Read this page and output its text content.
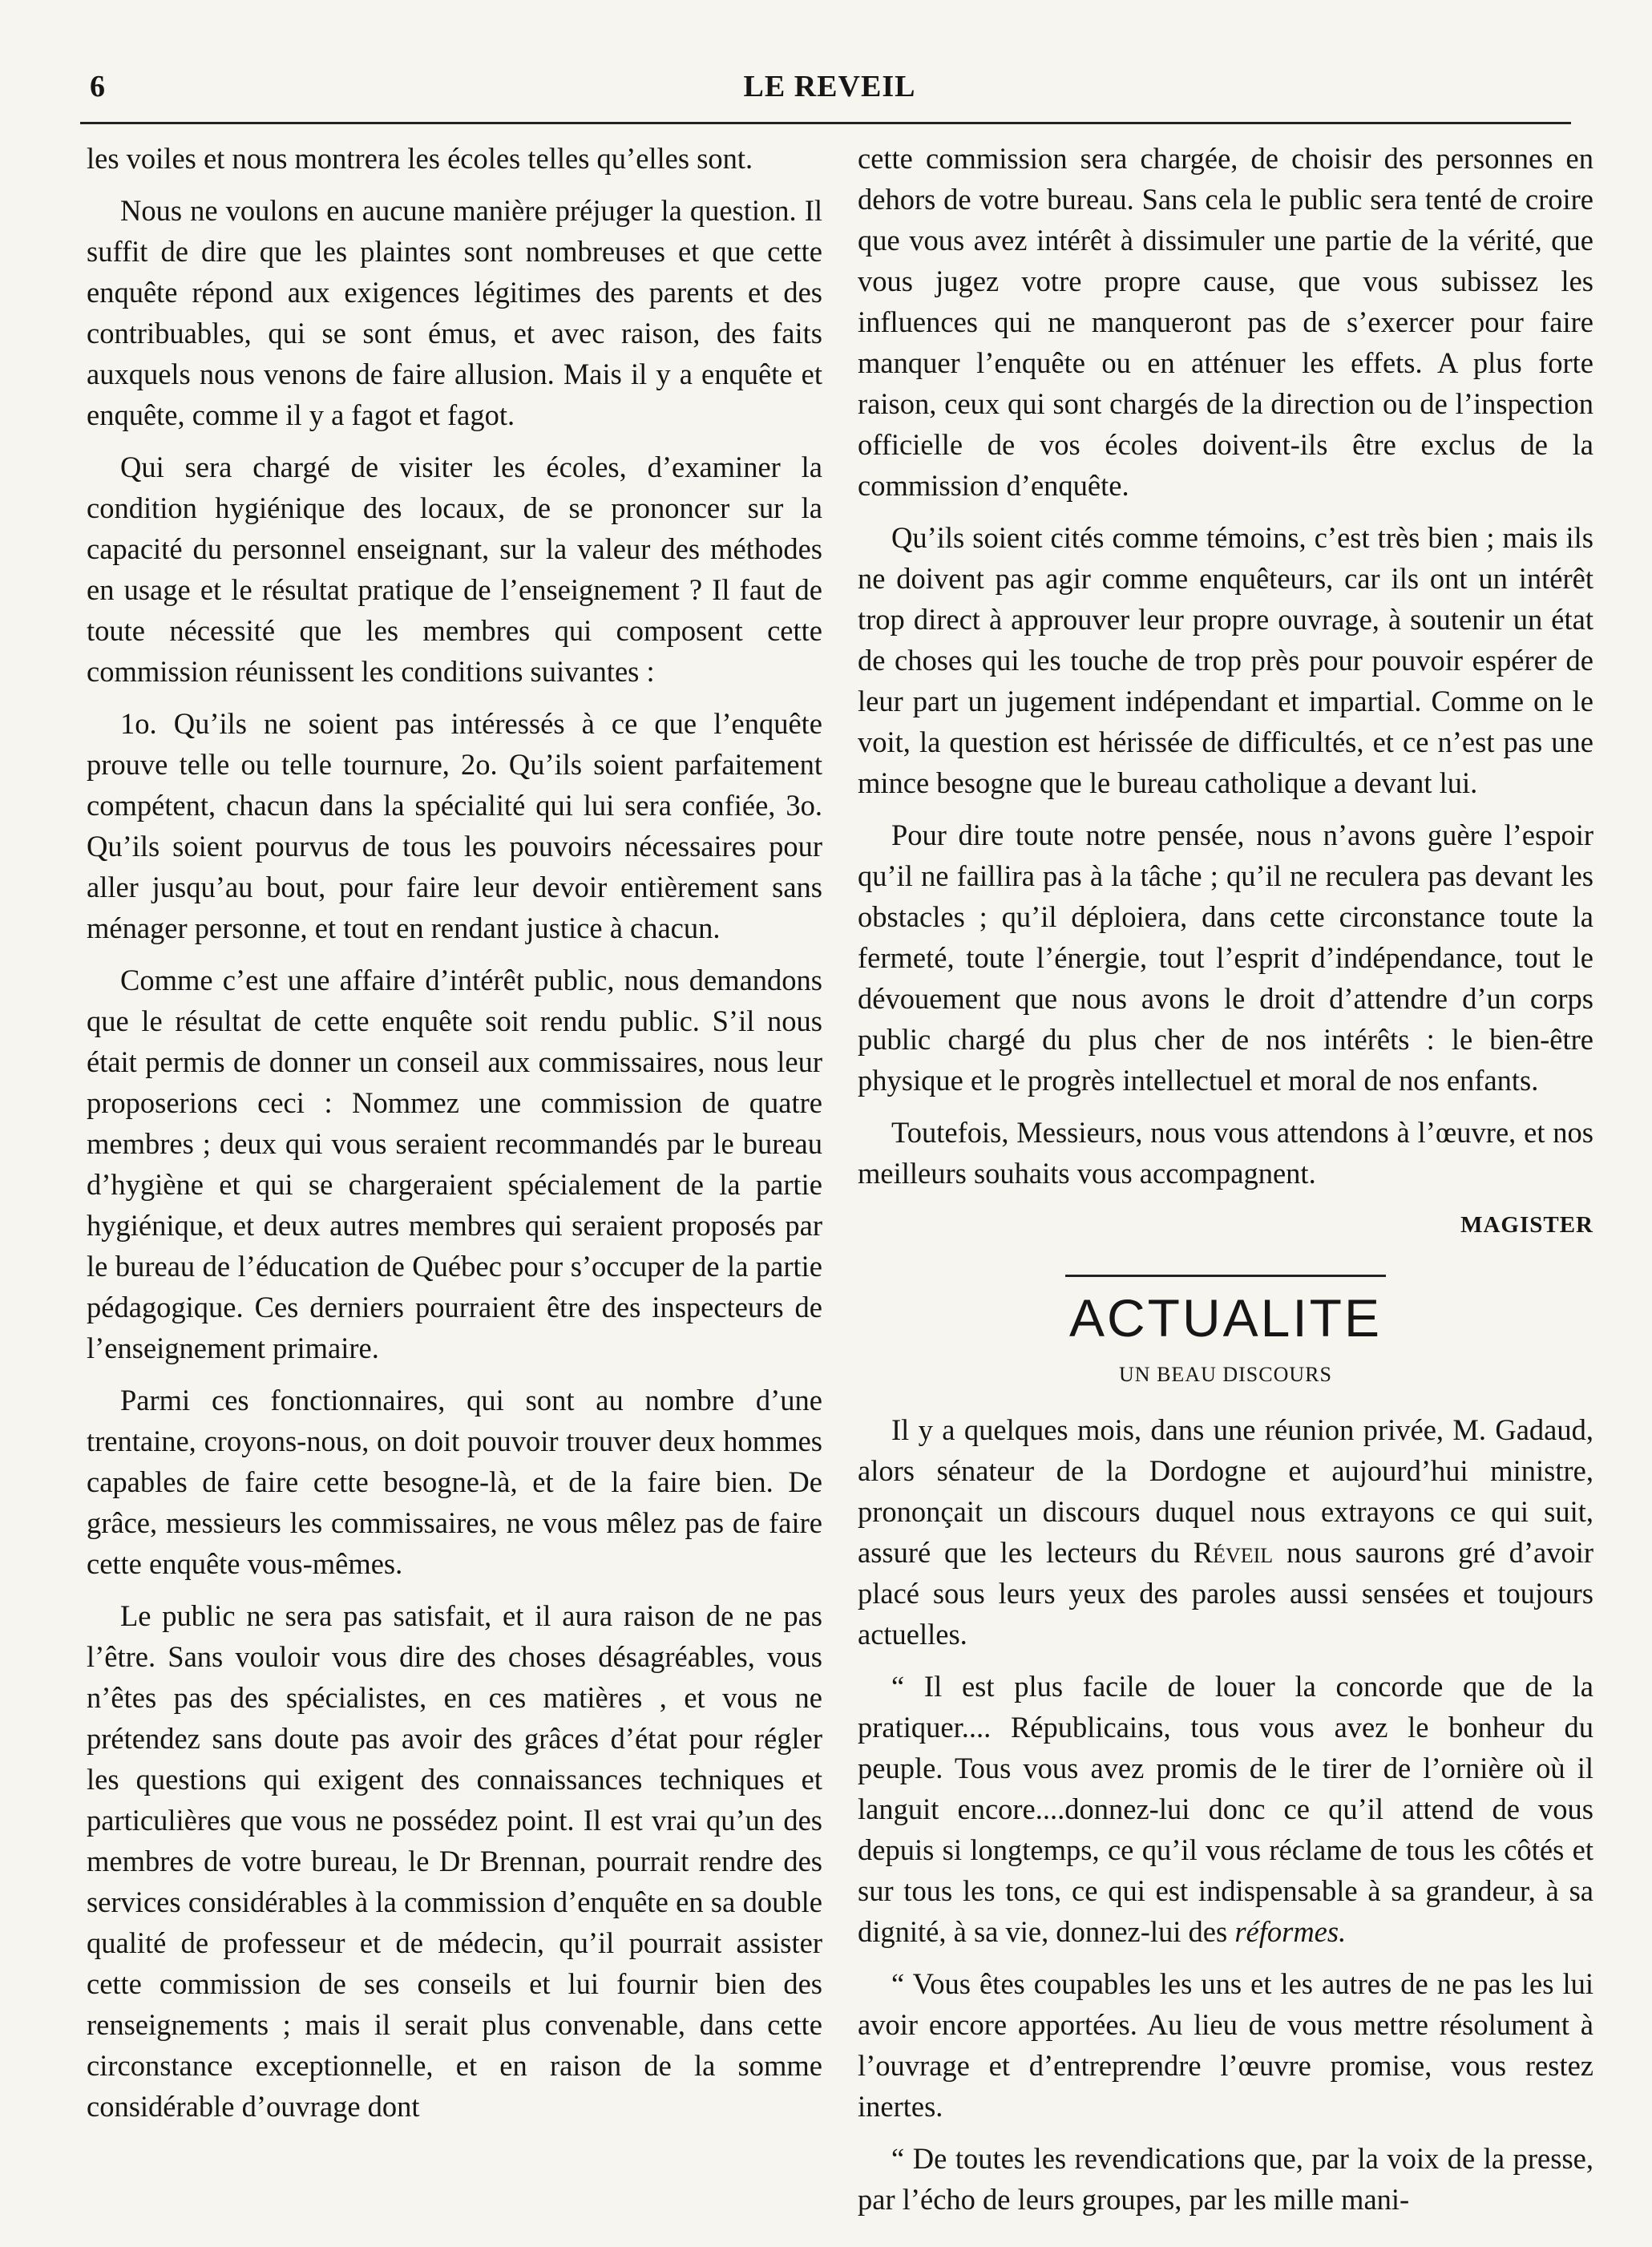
6	LE REVEIL

les voiles et nous montrera les écoles telles qu’elles sont.

Nous ne voulons en aucune manière préjuger la question. Il suffit de dire que les plaintes sont nombreuses et que cette enquête répond aux exigences légitimes des parents et des contribuables, qui se sont émus, et avec raison, des faits auxquels nous venons de faire allusion. Mais il y a enquête et enquête, comme il y a fagot et fagot.

Qui sera chargé de visiter les écoles, d’examiner la condition hygiénique des locaux, de se prononcer sur la capacité du personnel enseignant, sur la valeur des méthodes en usage et le résultat pratique de l’enseignement ? Il faut de toute nécessité que les membres qui composent cette commission réunissent les conditions suivantes :

1o. Qu’ils ne soient pas intéressés à ce que l’enquête prouve telle ou telle tournure, 2o. Qu’ils soient parfaitement compétent, chacun dans la spécialité qui lui sera confiée, 3o. Qu’ils soient pourvus de tous les pouvoirs nécessaires pour aller jusqu’au bout, pour faire leur devoir entièrement sans ménager personne, et tout en rendant justice à chacun.

Comme c’est une affaire d’intérêt public, nous demandons que le résultat de cette enquête soit rendu public. S’il nous était permis de donner un conseil aux commissaires, nous leur proposerions ceci : Nommez une commission de quatre membres ; deux qui vous seraient recommandés par le bureau d’hygiène et qui se chargeraient spécialement de la partie hygiénique, et deux autres membres qui seraient proposés par le bureau de l’éducation de Québec pour s’occuper de la partie pédagogique. Ces derniers pourraient être des inspecteurs de l’enseignement primaire.

Parmi ces fonctionnaires, qui sont au nombre d’une trentaine, croyons-nous, on doit pouvoir trouver deux hommes capables de faire cette besogne-là, et de la faire bien. De grâce, messieurs les commissaires, ne vous mêlez pas de faire cette enquête vous-mêmes.

Le public ne sera pas satisfait, et il aura raison de ne pas l’être. Sans vouloir vous dire des choses désagréables, vous n’êtes pas des spécialistes, en ces matières , et vous ne prétendez sans doute pas avoir des grâces d’état pour régler les questions qui exigent des connaissances techniques et particulières que vous ne possédez point. Il est vrai qu’un des membres de votre bureau, le Dr Brennan, pourrait rendre des services considérables à la commission d’enquête en sa double qualité de professeur et de médecin, qu’il pourrait assister cette commission de ses conseils et lui fournir bien des renseignements ; mais il serait plus convenable, dans cette circonstance exceptionnelle, et en raison de la somme considérable d’ouvrage dont

cette commission sera chargée, de choisir des personnes en dehors de votre bureau. Sans cela le public sera tenté de croire que vous avez intérêt à dissimuler une partie de la vérité, que vous jugez votre propre cause, que vous subissez les influences qui ne manqueront pas de s’exercer pour faire manquer l’enquête ou en atténuer les effets. A plus forte raison, ceux qui sont chargés de la direction ou de l’inspection officielle de vos écoles doivent-ils être exclus de la commission d’enquête.

Qu’ils soient cités comme témoins, c’est très bien ; mais ils ne doivent pas agir comme enquêteurs, car ils ont un intérêt trop direct à approuver leur propre ouvrage, à soutenir un état de choses qui les touche de trop près pour pouvoir espérer de leur part un jugement indépendant et impartial. Comme on le voit, la question est hérissée de difficultés, et ce n’est pas une mince besogne que le bureau catholique a devant lui.

Pour dire toute notre pensée, nous n’avons guère l’espoir qu’il ne faillira pas à la tâche ; qu’il ne reculera pas devant les obstacles ; qu’il déploiera, dans cette circonstance toute la fermeté, toute l’énergie, tout l’esprit d’indépendance, tout le dévouement que nous avons le droit d’attendre d’un corps public chargé du plus cher de nos intérêts : le bien-être physique et le progrès intellectuel et moral de nos enfants.

Toutefois, Messieurs, nous vous attendons à l’œuvre, et nos meilleurs souhaits vous accompagnent.

MAGISTER
ACTUALITE
UN BEAU DISCOURS

Il y a quelques mois, dans une réunion privée, M. Gadaud, alors sénateur de la Dordogne et aujourd’hui ministre, prononçait un discours duquel nous extrayons ce qui suit, assuré que les lecteurs du Réveil nous saurons gré d’avoir placé sous leurs yeux des paroles aussi sensées et toujours actuelles.

“ Il est plus facile de louer la concorde que de la pratiquer.... Républicains, tous vous avez le bonheur du peuple. Tous vous avez promis de le tirer de l’ornière où il languit encore....donnez-lui donc ce qu’il attend de vous depuis si longtemps, ce qu’il vous réclame de tous les côtés et sur tous les tons, ce qui est indispensable à sa grandeur, à sa dignité, à sa vie, donnez-lui des réformes.

“ Vous êtes coupables les uns et les autres de ne pas les lui avoir encore apportées. Au lieu de vous mettre résolument à l’ouvrage et d’entreprendre l’œuvre promise, vous restez inertes.

“ De toutes les revendications que, par la voix de la presse, par l’écho de leurs groupes, par les mille mani-
